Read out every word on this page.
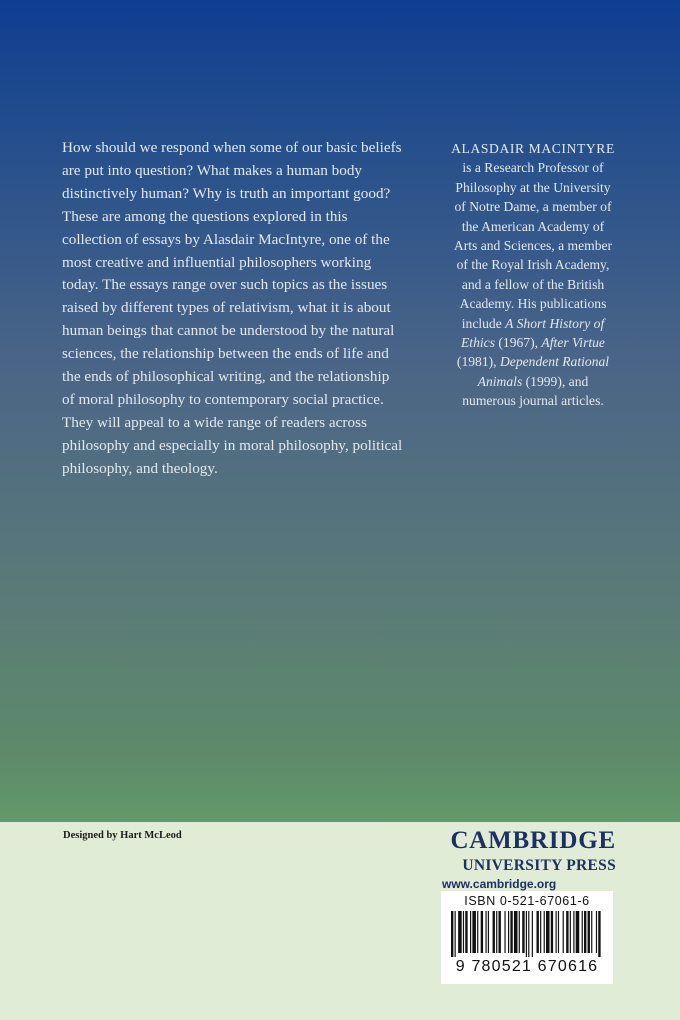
How should we respond when some of our basic beliefs

are put into question? What makes a human body

distinctively human? Why is truth an important good?

These are among the questions explored in this

collection of essays by Alasdair MacIntyre, one of the

most creative and influential philosophers working

today. The essays range over such topics as the issues

raised by different types of relativism, what it is about

human beings that cannot be understood by the natural

sciences, the relationship between the ends of life and

the ends of philosophical writing, and the relationship

of moral philosophy to contemporary social practice.

They will appeal to a wide range of readers across

philosophy and especially in moral philosophy, political

philosophy, and theology.

ALASDAIR MACINTYRE

is a Research Professor of

Philosophy at the University

of Notre Dame, a member of

the American Academy of

Arts and Sciences, a member

of the Royal Irish Academy,

and a fellow of the British

Academy. His publications

include A Short History of

Ethics (1967), After Virtue

(1981), Dependent Rational

Animals (1999), and

numerous journal articles.

Designed by Hart McLeod	CAMBRIDGE
UNIVERSITY PRESS
www.cambridge.org
ISBN 0-521-67061-6
9 780521 670616
